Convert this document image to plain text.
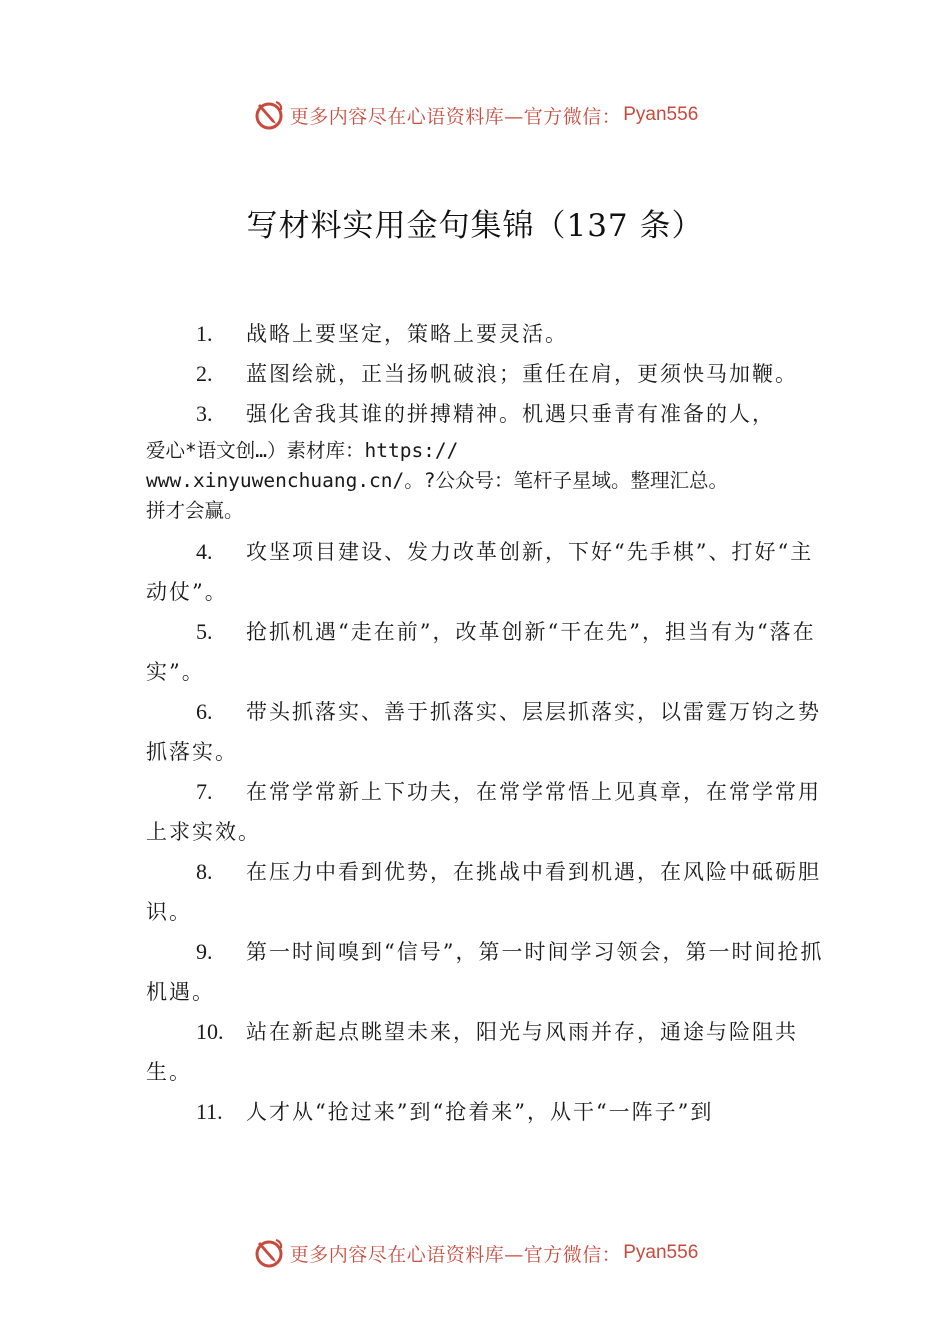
更多内容尽在心语资料库—官方微信： Pyan556
写材料实用金句集锦（137 条）
1. 战略上要坚定，策略上要灵活。
2. 蓝图绘就，正当扬帆破浪；重任在肩，更须快马加鞭。
3. 强化舍我其谁的拼搏精神。机遇只垂青有准备的人，
爱心*语文创…）素材库：https://
www.xinyuwenchuang.cn/。?公众号：笔杆子星域。整理汇总。
拼才会赢。
4. 攻坚项目建设、发力改革创新，下好“先手棋”、打好“主动仗”。
5. 抢抓机遇“走在前”，改革创新“干在先”，担当有为“落在实”。
6. 带头抓落实、善于抓落实、层层抓落实，以雷霆万钧之势抓落实。
7. 在常学常新上下功夫，在常学常悟上见真章，在常学常用上求实效。
8. 在压力中看到优势，在挑战中看到机遇，在风险中砥砺胆识。
9. 第一时间嗅到“信号”，第一时间学习领会，第一时间抢抓机遇。
10. 站在新起点眺望未来，阳光与风雨并存，通途与险阻共生。
11. 人才从“抢过来”到“抢着来”，从干“一阵子”到
更多内容尽在心语资料库—官方微信： Pyan556
